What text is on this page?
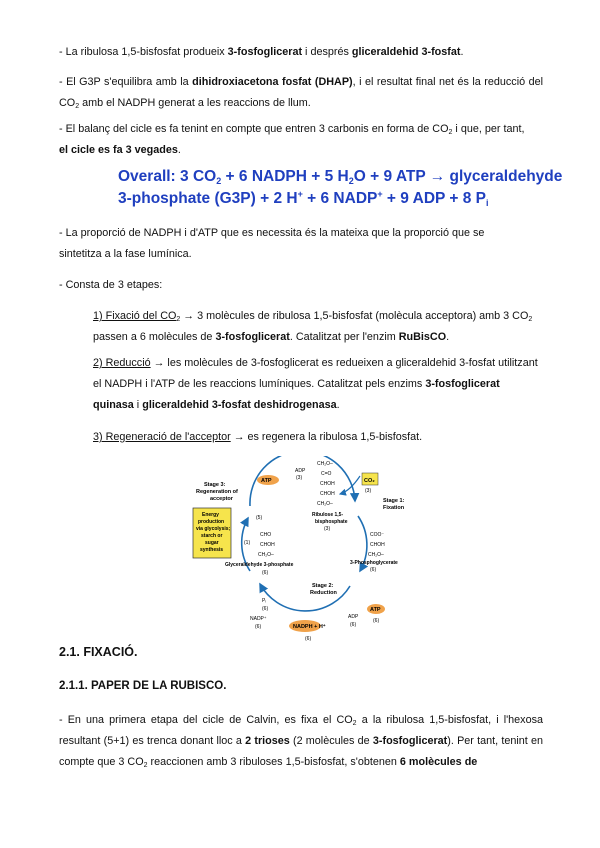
- La ribulosa 1,5-bisfosfat produeix 3-fosfoglicerat i després gliceraldehid 3-fosfat.

- El G3P s'equilibra amb la dihidroxiacetona fosfat (DHAP), i el resultat final net és la reducció del $CO_2$ amb el NADPH generat a les reaccions de llum.

- El balanç del cicle es fa tenint en compte que entren 3 carbonis en forma de $CO_2$ i que, per tant,
el cicle es fa 3 vegades.

Overall: 3 $CO_2 + 6$ NADPH + 5 $H_2O + 9$ ATP → glyceraldehyde
3-phosphate (G3P) + 2 H+ + 6 NADP+ + 9 ADP + 8 $P_i$

- La proporció de NADPH i d'ATP que es necessita és la mateixa que la proporció que se sintetitza a la fase lumínica.

- Consta de 3 etapes:

1) Fixació del $CO_2 \to 3$ molècules de ribulosa 1,5-bisfosfat (molècula acceptora) amb 3 $CO_2$ passen a 6 molècules de 3-fosfoglicerat. Catalitzat per l'enzim RuBisCO.

2) Reducció → les molècules de 3-fosfoglicerat es redueixen a gliceraldehid 3-fosfat utilitzant el NADPH i l'ATP de les reaccions lumíniques. Catalitzat pels enzims 3-fosfoglicerat quinasa i gliceraldehid 3-fosfat deshidrogenasa.

3) Regeneració de l'acceptor → es regenera la ribulosa 1,5-bisfosfat.

Stage 3:
Regeneration of
acceptor	Stage 1:
Fixation
Stage 2:
Reduction
ATP
ADP
(3)	CO₂
(3)
CH₂O–
C=O
CHOH
CHOH
CH₂O–
Ribulose 1,5-
bisphosphate
(3)
COO⁻
CHOH
CH₂O–
3-Phosphoglycerate
(6)
Energy
production
via glycolysis;
starch or
sugar
synthesis
(5)
(1)
CHO
CHOH
CH₂O–
Glyceraldehyde 3-phosphate
(6)
Pᵢ
(6)
NADP⁺
(6)	NADPH + H⁺
(6)
ADP
(6)
ATP
(6)
2.1. FIXACIÓ.
2.1.1. PAPER DE LA RUBISCO.

- En una primera etapa del cicle de Calvin, es fixa el $CO_2$ a la ribulosa 1,5-bisfosfat, i l'hexosa resultant (5+1) es trenca donant lloc a 2 trioses (2 molècules de 3-fosfoglicerat). Per tant, tenint en compte que 3 $CO_2$ reaccionen amb 3 ribuloses 1,5-bisfosfat, s'obtenen 6 molècules de
